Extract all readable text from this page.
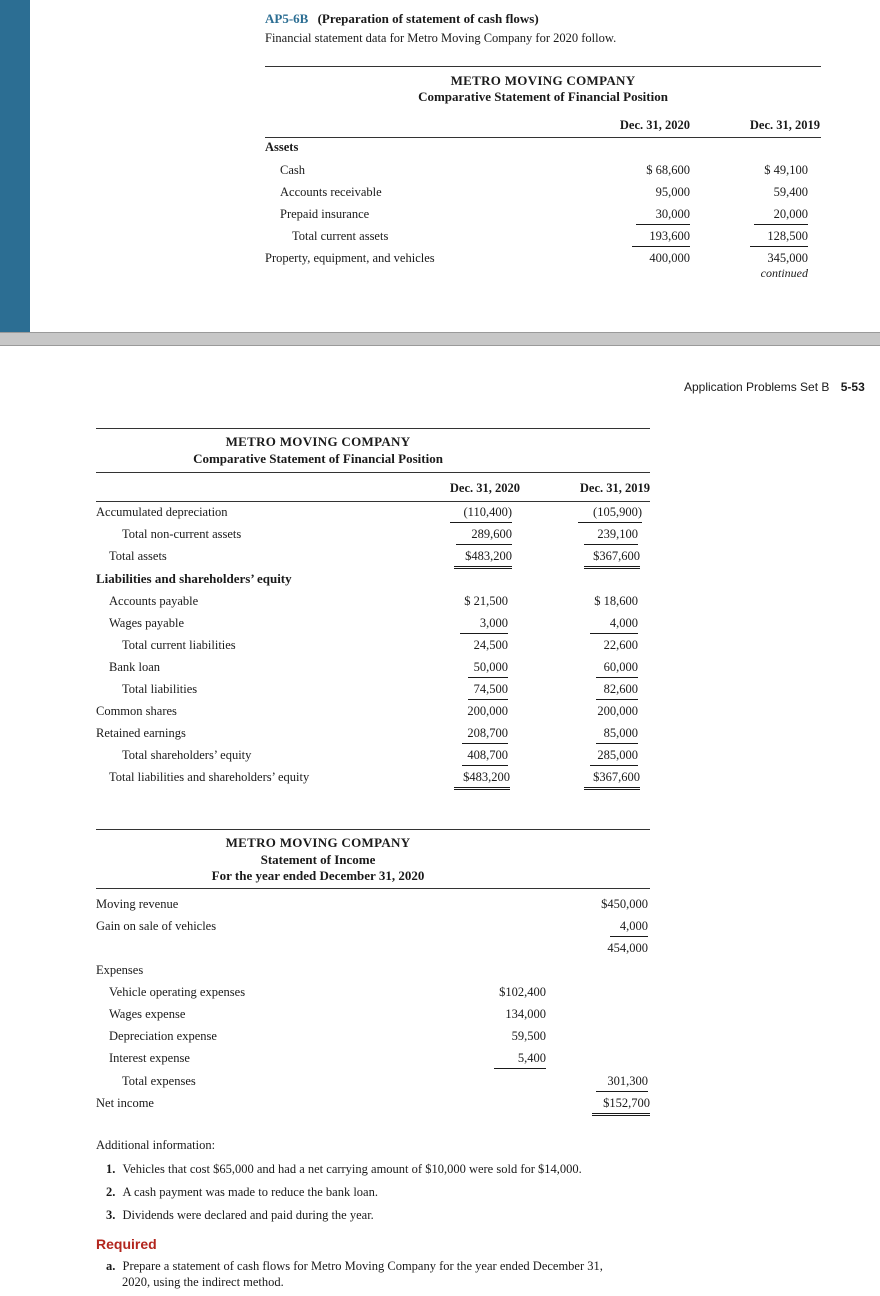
AP5-6B (Preparation of statement of cash flows)
Financial statement data for Metro Moving Company for 2020 follow.
METRO MOVING COMPANY
Comparative Statement of Financial Position
Dec. 31, 2020	Dec. 31, 2019
Assets
Cash	$ 68,600	$ 49,100
Accounts receivable	95,000	59,400
Prepaid insurance	30,000	20,000
Total current assets	193,600	128,500
Property, equipment, and vehicles	400,000	345,000
continued
Application Problems Set B 5-53
METRO MOVING COMPANY
Comparative Statement of Financial Position
Dec. 31, 2020	Dec. 31, 2019
Accumulated depreciation	(110,400)	(105,900)
Total non-current assets	289,600	239,100
Total assets	$483,200	$367,600
Liabilities and shareholders’ equity
Accounts payable	$ 21,500	$ 18,600
Wages payable	3,000	4,000
Total current liabilities	24,500	22,600
Bank loan	50,000	60,000
Total liabilities	74,500	82,600
Common shares	200,000	200,000
Retained earnings	208,700	85,000
Total shareholders’ equity	408,700	285,000
Total liabilities and shareholders’ equity	$483,200	$367,600
METRO MOVING COMPANY
Statement of Income
For the year ended December 31, 2020
Moving revenue	$450,000
Gain on sale of vehicles	4,000
454,000
Expenses
Vehicle operating expenses	$102,400
Wages expense	134,000
Depreciation expense	59,500
Interest expense	5,400
Total expenses	301,300
Net income	$152,700
Additional information:
1. Vehicles that cost $65,000 and had a net carrying amount of $10,000 were sold for $14,000.
2. A cash payment was made to reduce the bank loan.
3. Dividends were declared and paid during the year.
Required
a. Prepare a statement of cash flows for Metro Moving Company for the year ended December 31,
2020, using the indirect method.
